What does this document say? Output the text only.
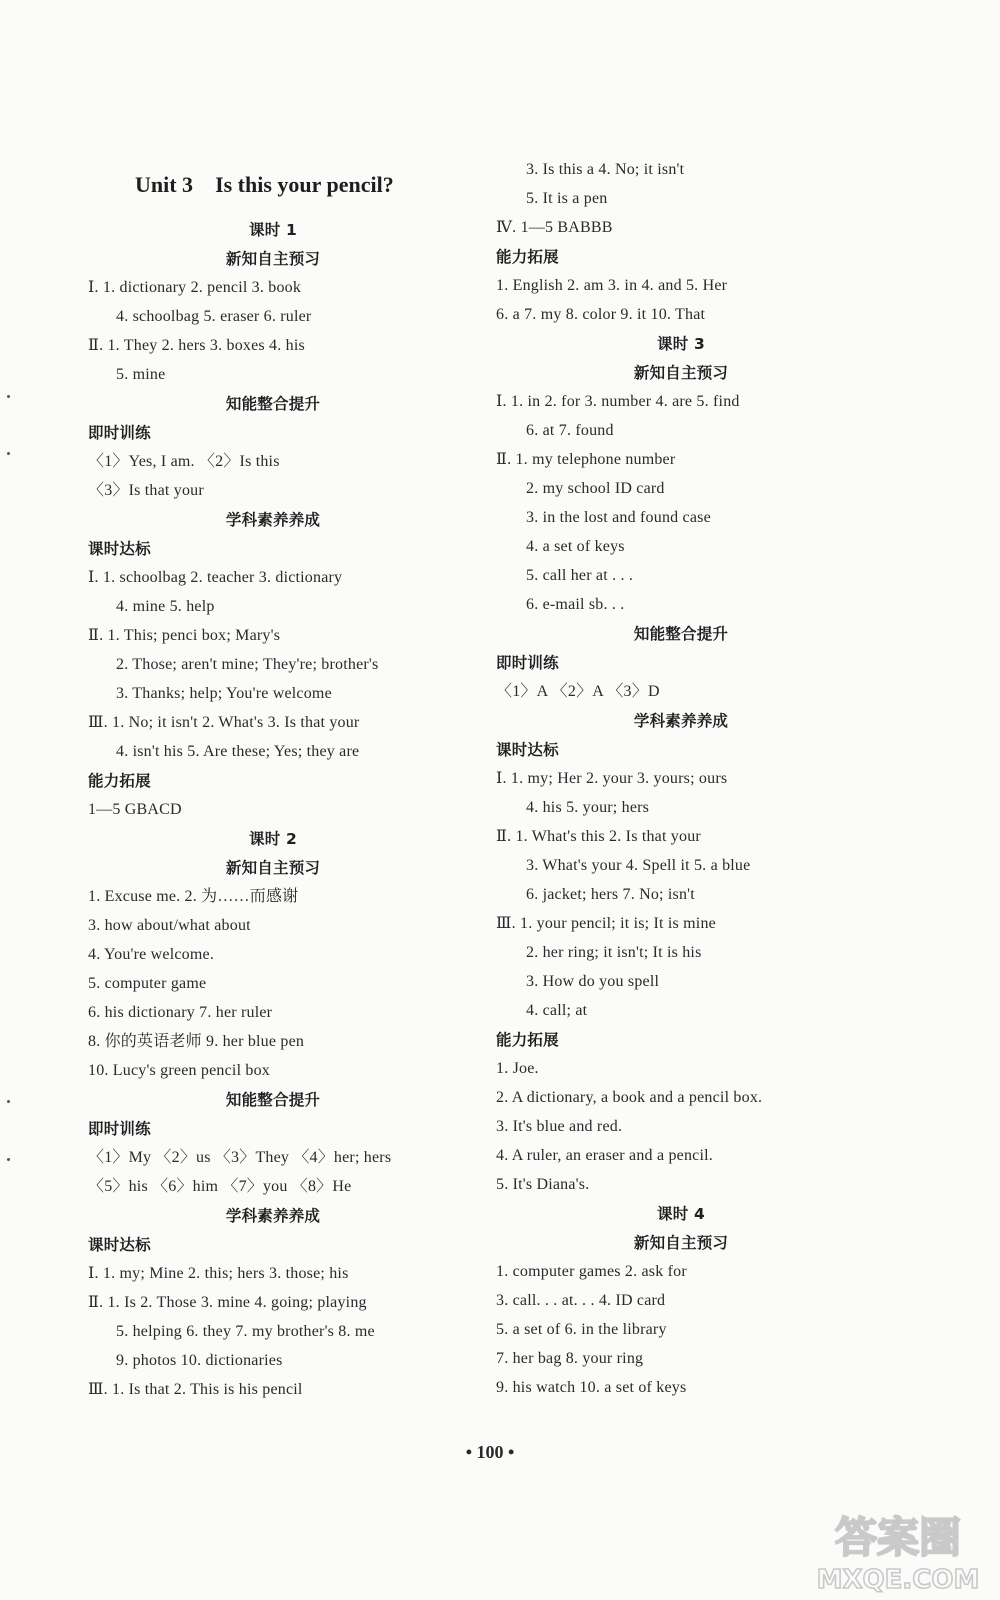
Unit 3 Is this your pencil?
课时 1
新知自主预习
Ⅰ. 1. dictionary 2. pencil 3. book
4. schoolbag 5. eraser 6. ruler
Ⅱ. 1. They 2. hers 3. boxes 4. his
5. mine
知能整合提升
即时训练
〈1〉Yes, I am. 〈2〉Is this
〈3〉Is that your
学科素养养成
课时达标
Ⅰ. 1. schoolbag 2. teacher 3. dictionary
4. mine 5. help
Ⅱ. 1. This; penci box; Mary's
2. Those; aren't mine; They're; brother's
3. Thanks; help; You're welcome
Ⅲ. 1. No; it isn't 2. What's 3. Is that your
4. isn't his 5. Are these; Yes; they are
能力拓展
1—5 GBACD
课时 2
新知自主预习
1. Excuse me. 2. 为……而感谢
3. how about/what about
4. You're welcome.
5. computer game
6. his dictionary 7. her ruler
8. 你的英语老师 9. her blue pen
10. Lucy's green pencil box
知能整合提升
即时训练
〈1〉My 〈2〉us 〈3〉They 〈4〉her; hers
〈5〉his 〈6〉him 〈7〉you 〈8〉He
学科素养养成
课时达标
Ⅰ. 1. my; Mine 2. this; hers 3. those; his
Ⅱ. 1. Is 2. Those 3. mine 4. going; playing
5. helping 6. they 7. my brother's 8. me
9. photos 10. dictionaries
Ⅲ. 1. Is that 2. This is his pencil
3. Is this a 4. No; it isn't
5. It is a pen
Ⅳ. 1—5 BABBB
能力拓展
1. English 2. am 3. in 4. and 5. Her
6. a 7. my 8. color 9. it 10. That
课时 3
新知自主预习
Ⅰ. 1. in 2. for 3. number 4. are 5. find
6. at 7. found
Ⅱ. 1. my telephone number
2. my school ID card
3. in the lost and found case
4. a set of keys
5. call her at . . .
6. e-mail sb. . .
知能整合提升
即时训练
〈1〉A 〈2〉A 〈3〉D
学科素养养成
课时达标
Ⅰ. 1. my; Her 2. your 3. yours; ours
4. his 5. your; hers
Ⅱ. 1. What's this 2. Is that your
3. What's your 4. Spell it 5. a blue
6. jacket; hers 7. No; isn't
Ⅲ. 1. your pencil; it is; It is mine
2. her ring; it isn't; It is his
3. How do you spell
4. call; at
能力拓展
1. Joe.
2. A dictionary, a book and a pencil box.
3. It's blue and red.
4. A ruler, an eraser and a pencil.
5. It's Diana's.
课时 4
新知自主预习
1. computer games 2. ask for
3. call. . . at. . . 4. ID card
5. a set of 6. in the library
7. her bag 8. your ring
9. his watch 10. a set of keys
• 100 •
答案圈
MXQE.COM
